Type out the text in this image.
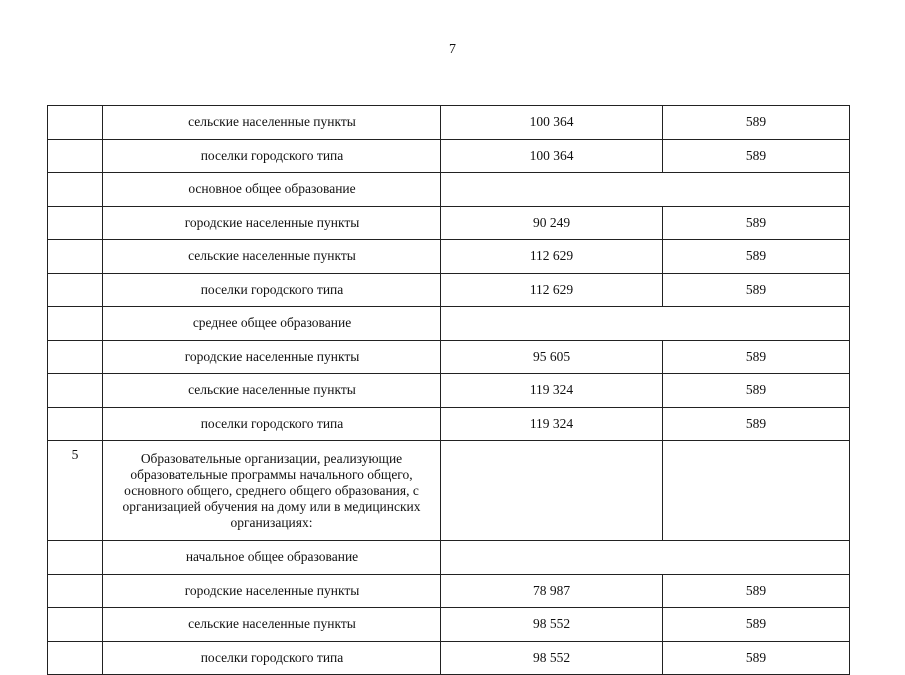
7
	сельские населенные пункты	100 364	589
	поселки городского типа	100 364	589
	основное общее образование		
	городские населенные пункты	90 249	589
	сельские населенные пункты	112 629	589
	поселки городского типа	112 629	589
	среднее общее образование		
	городские населенные пункты	95 605	589
	сельские населенные пункты	119 324	589
	поселки городского типа	119 324	589
5	Образовательные организации, реализующие образовательные программы начального общего, основного общего, среднего общего образования, с организацией обучения на дому или в медицинских организациях:		
	начальное общее образование		
	городские населенные пункты	78 987	589
	сельские населенные пункты	98 552	589
	поселки городского типа	98 552	589
